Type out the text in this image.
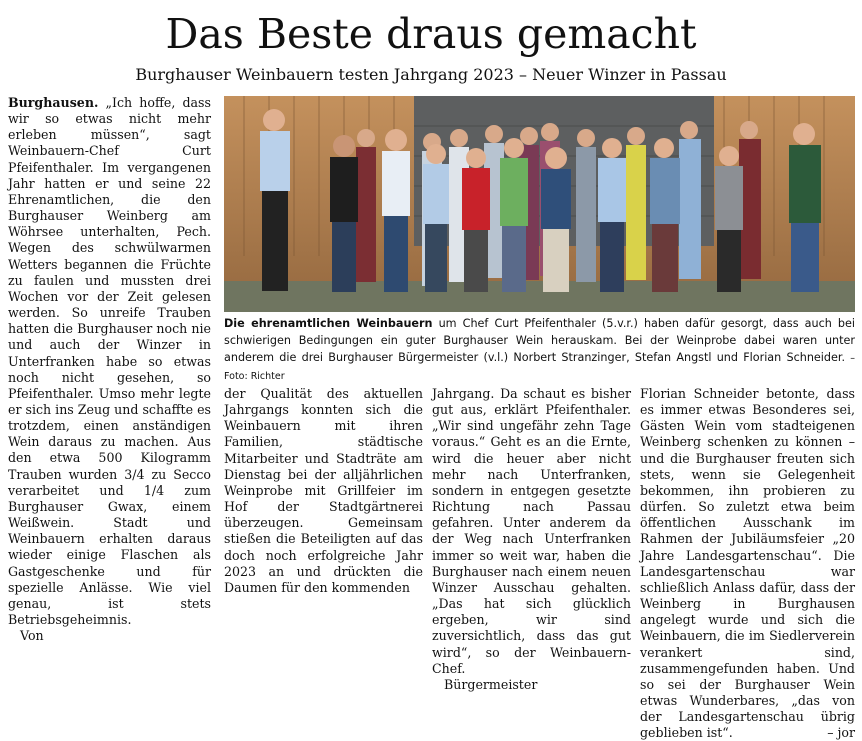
Das Beste draus gemacht
Burghauser Weinbauern testen Jahrgang 2023 – Neuer Winzer in Passau

Burghausen. „Ich hoffe, dass wir so etwas nicht mehr erleben müssen“, sagt Weinbauern-Chef Curt Pfeifenthaler. Im vergangenen Jahr hatten er und seine 22 Ehrenamtlichen, die den Burghauser Weinberg am Wöhrsee unterhalten, Pech. Wegen des schwülwarmen Wetters begannen die Früchte zu faulen und mussten drei Wochen vor der Zeit gelesen werden. So unreife Trauben hatten die Burghauser noch nie und auch der Winzer in Unterfranken habe so etwas noch nicht gesehen, so Pfeifenthaler. Umso mehr legte er sich ins Zeug und schaffte es trotzdem, einen anständigen Wein daraus zu machen. Aus den etwa 500 Kilogramm Trauben wurden 3/4 zu Secco verarbeitet und 1/4 zum Burghauser Gwax, einem Weißwein. Stadt und Weinbauern erhalten daraus wieder einige Flaschen als Gastgeschenke und für spezielle Anlässe. Wie viel genau, ist stets Betriebsgeheimnis.

Von

der Qualität des aktuellen Jahrgangs konnten sich die Weinbauern mit ihren Familien, städtische Mitarbeiter und Stadträte am Dienstag bei der alljährlichen Weinprobe mit Grillfeier im Hof der Stadtgärtnerei überzeugen. Gemeinsam stießen die Beteiligten auf das doch noch erfolgreiche Jahr 2023 an und drückten die Daumen für den kommenden

Jahrgang. Da schaut es bisher gut aus, erklärt Pfeifenthaler. „Wir sind ungefähr zehn Tage voraus.“ Geht es an die Ernte, wird die heuer aber nicht mehr nach Unterfranken, sondern in entgegen gesetzte Richtung nach Passau gefahren. Unter anderem da der Weg nach Unterfranken immer so weit war, haben die Burghauser nach einem neuen Winzer Ausschau gehalten. „Das hat sich glücklich ergeben, wir sind zuversichtlich, dass das gut wird“, so der Weinbauern-Chef.

Bürgermeister

Florian Schneider betonte, dass es immer etwas Besonderes sei, Gästen Wein vom stadteigenen Weinberg schenken zu können – und die Burghauser freuten sich stets, wenn sie Gelegenheit bekommen, ihn probieren zu dürfen. So zuletzt etwa beim öffentlichen Ausschank im Rahmen der Jubiläumsfeier „20 Jahre Landesgartenschau“. Die Landesgartenschau war schließlich Anlass dafür, dass der Weinberg in Burghausen angelegt wurde und sich die Weinbauern, die im Siedlerverein verankert sind, zusammengefunden haben. Und so sei der Burghauser Wein etwas Wunderbares, „das von der Landesgartenschau übrig geblieben ist“.	– jor

Die ehrenamtlichen Weinbauern um Chef Curt Pfeifenthaler (5.v.r.) haben dafür gesorgt, dass auch bei schwierigen Bedingungen ein guter Burghauser Wein herauskam. Bei der Weinprobe dabei waren unter anderem die drei Burghauser Bürgermeister (v.l.) Norbert Stranzinger, Stefan Angstl und Florian Schneider. – Foto: Richter
